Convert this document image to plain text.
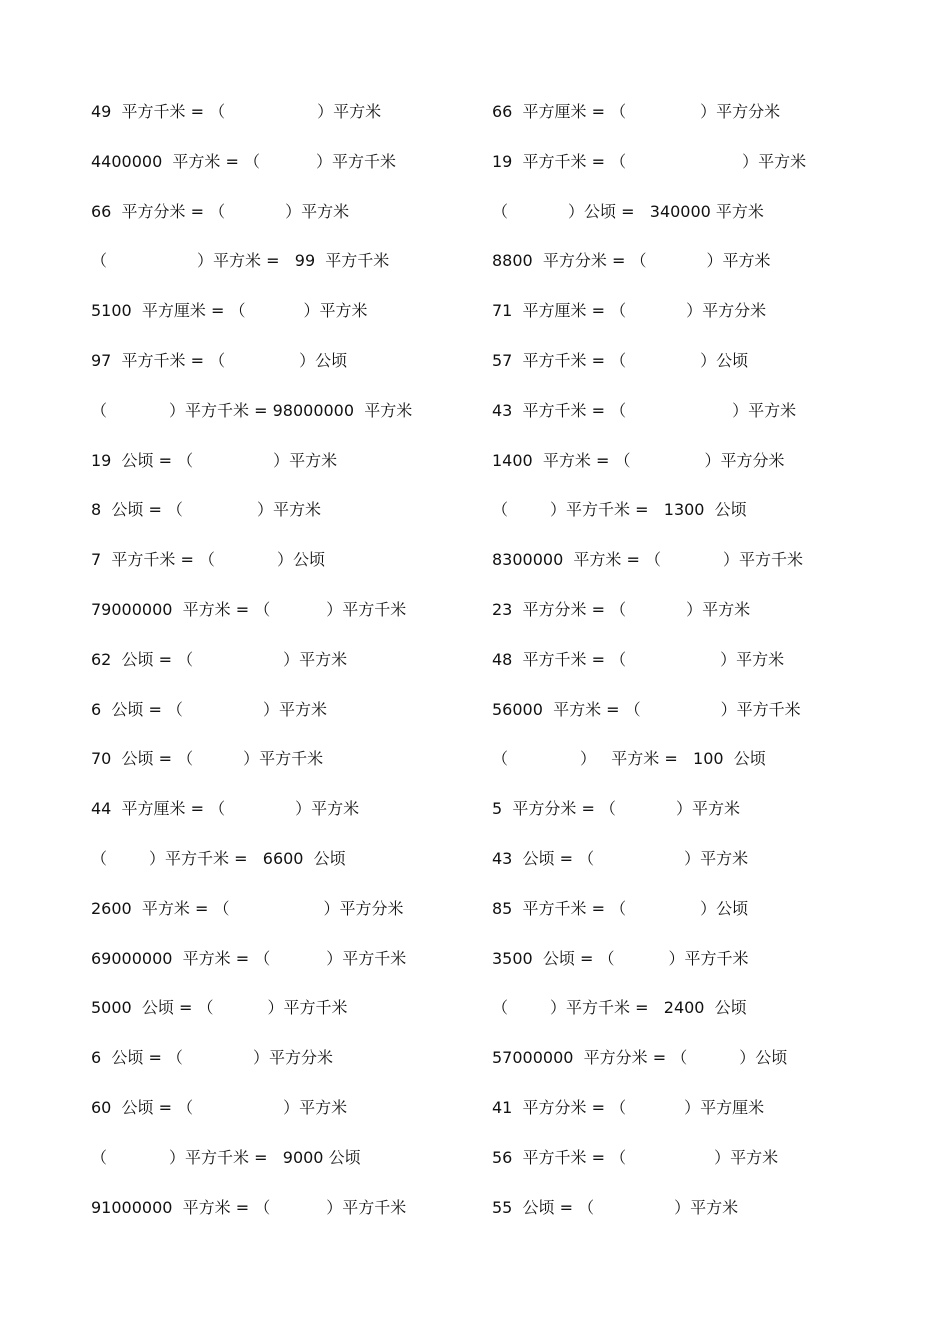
49  平方千米 = （	）平方米
4400000  平方米 = （	）平方千米
66  平方分米 = （	）平方米
（	）平方米 =   99  平方千米
5100  平方厘米 = （	）平方米
97  平方千米 = （	）公顷
（	）平方千米 = 98000000  平方米
19  公顷 = （	）平方米
8  公顷 = （	）平方米
7  平方千米 = （	）公顷
79000000  平方米 = （	）平方千米
62  公顷 = （	）平方米
6  公顷 = （	）平方米
70  公顷 = （	）平方千米
44  平方厘米 = （	）平方米
（	）平方千米 =   6600  公顷
2600  平方米 = （	）平方分米
69000000  平方米 = （	）平方千米
5000  公顷 = （	）平方千米
6  公顷 = （	）平方分米
60  公顷 = （	）平方米
（	）平方千米 =   9000 公顷
91000000  平方米 = （	）平方千米
66  平方厘米 = （	）平方分米
19  平方千米 = （	）平方米
（	）公顷 =   340000 平方米
8800  平方分米 = （	）平方米
71  平方厘米 = （	）平方分米
57  平方千米 = （	）公顷
43  平方千米 = （	）平方米
1400  平方米 = （	）平方分米
（	）平方千米 =   1300  公顷
8300000  平方米 = （	）平方千米
23  平方分米 = （	）平方米
48  平方千米 = （	）平方米
56000  平方米 = （	）平方千米
（	）   平方米 =   100  公顷
5  平方分米 = （	）平方米
43  公顷 = （	）平方米
85  平方千米 = （	）公顷
3500  公顷 = （	）平方千米
（	）平方千米 =   2400  公顷
57000000  平方分米 = （	）公顷
41  平方分米 = （	）平方厘米
56  平方千米 = （	）平方米
55  公顷 = （	）平方米
